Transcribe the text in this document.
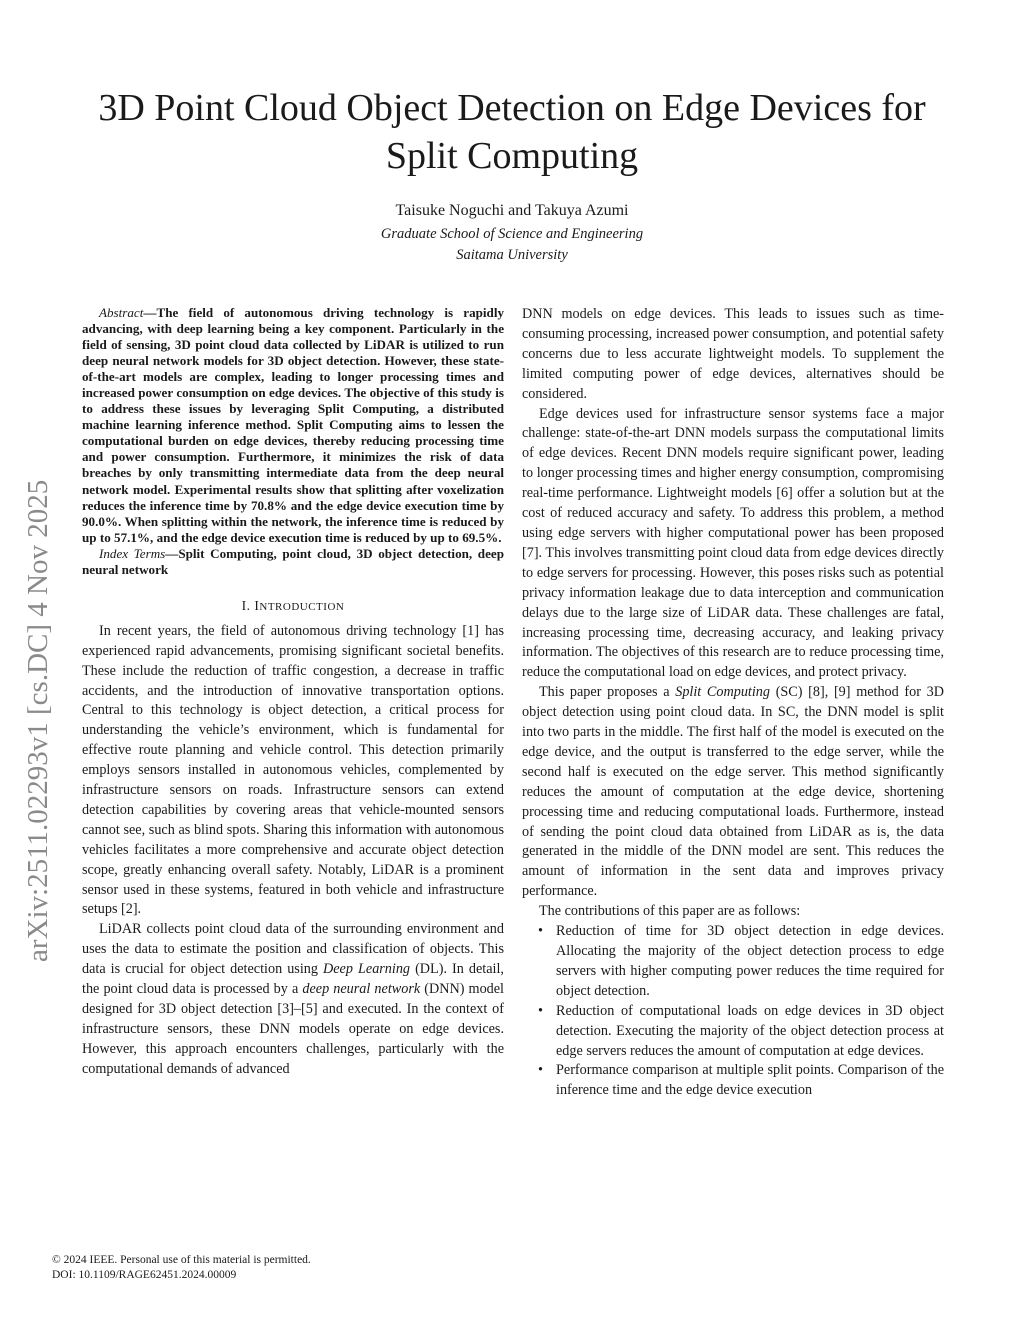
3D Point Cloud Object Detection on Edge Devices for Split Computing
Taisuke Noguchi and Takuya Azumi
Graduate School of Science and Engineering
Saitama University
arXiv:2511.02293v1 [cs.DC] 4 Nov 2025

Abstract—The field of autonomous driving technology is rapidly advancing, with deep learning being a key component. Particularly in the field of sensing, 3D point cloud data collected by LiDAR is utilized to run deep neural network models for 3D object detection. However, these state-of-the-art models are complex, leading to longer processing times and increased power consumption on edge devices. The objective of this study is to address these issues by leveraging Split Computing, a distributed machine learning inference method. Split Computing aims to lessen the computational burden on edge devices, thereby reducing processing time and power consumption. Furthermore, it minimizes the risk of data breaches by only transmitting intermediate data from the deep neural network model. Experimental results show that splitting after voxelization reduces the inference time by 70.8% and the edge device execution time by 90.0%. When splitting within the network, the inference time is reduced by up to 57.1%, and the edge device execution time is reduced by up to 69.5%.

Index Terms—Split Computing, point cloud, 3D object detection, deep neural network

I. INTRODUCTION

In recent years, the field of autonomous driving technology [1] has experienced rapid advancements, promising significant societal benefits. These include the reduction of traffic congestion, a decrease in traffic accidents, and the introduction of innovative transportation options. Central to this technology is object detection, a critical process for understanding the vehicle’s environment, which is fundamental for effective route planning and vehicle control. This detection primarily employs sensors installed in autonomous vehicles, complemented by infrastructure sensors on roads. Infrastructure sensors can extend detection capabilities by covering areas that vehicle-mounted sensors cannot see, such as blind spots. Sharing this information with autonomous vehicles facilitates a more comprehensive and accurate object detection scope, greatly enhancing overall safety. Notably, LiDAR is a prominent sensor used in these systems, featured in both vehicle and infrastructure setups [2].

LiDAR collects point cloud data of the surrounding environment and uses the data to estimate the position and classification of objects. This data is crucial for object detection using Deep Learning (DL). In detail, the point cloud data is processed by a deep neural network (DNN) model designed for 3D object detection [3]–[5] and executed. In the context of infrastructure sensors, these DNN models operate on edge devices. However, this approach encounters challenges, particularly with the computational demands of advanced

DNN models on edge devices. This leads to issues such as time-consuming processing, increased power consumption, and potential safety concerns due to less accurate lightweight models. To supplement the limited computing power of edge devices, alternatives should be considered.

Edge devices used for infrastructure sensor systems face a major challenge: state-of-the-art DNN models surpass the computational limits of edge devices. Recent DNN models require significant power, leading to longer processing times and higher energy consumption, compromising real-time performance. Lightweight models [6] offer a solution but at the cost of reduced accuracy and safety. To address this problem, a method using edge servers with higher computational power has been proposed [7]. This involves transmitting point cloud data from edge devices directly to edge servers for processing. However, this poses risks such as potential privacy information leakage due to data interception and communication delays due to the large size of LiDAR data. These challenges are fatal, increasing processing time, decreasing accuracy, and leaking privacy information. The objectives of this research are to reduce processing time, reduce the computational load on edge devices, and protect privacy.

This paper proposes a Split Computing (SC) [8], [9] method for 3D object detection using point cloud data. In SC, the DNN model is split into two parts in the middle. The first half of the model is executed on the edge device, and the output is transferred to the edge server, while the second half is executed on the edge server. This method significantly reduces the amount of computation at the edge device, shortening processing time and reducing computational loads. Furthermore, instead of sending the point cloud data obtained from LiDAR as is, the data generated in the middle of the DNN model are sent. This reduces the amount of information in the sent data and improves privacy performance.

The contributions of this paper are as follows:

• Reduction of time for 3D object detection in edge devices. Allocating the majority of the object detection process to edge servers with higher computing power reduces the time required for object detection.
• Reduction of computational loads on edge devices in 3D object detection. Executing the majority of the object detection process at edge servers reduces the amount of computation at edge devices.
• Performance comparison at multiple split points. Comparison of the inference time and the edge device execution
© 2024 IEEE. Personal use of this material is permitted.
DOI: 10.1109/RAGE62451.2024.00009
